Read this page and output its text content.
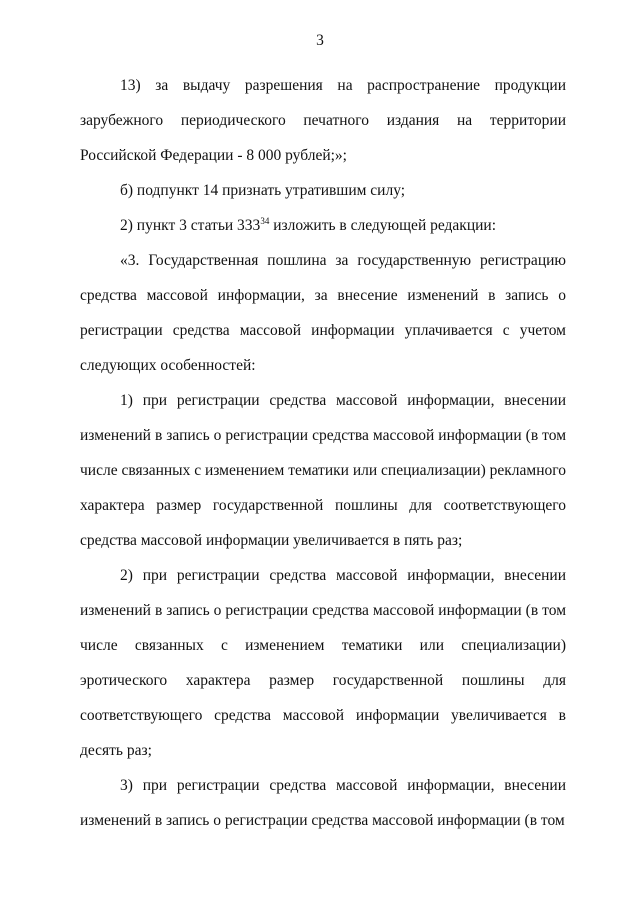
3

13) за выдачу разрешения на распространение продукции зарубежного периодического печатного издания на территории Российской Федерации - 8 000 рублей;»;

б) подпункт 14 признать утратившим силу;

2) пункт 3 статьи $333^{34}$ изложить в следующей редакции:

«3. Государственная пошлина за государственную регистрацию средства массовой информации, за внесение изменений в запись о регистрации средства массовой информации уплачивается с учетом следующих особенностей:

1) при регистрации средства массовой информации, внесении изменений в запись о регистрации средства массовой информации (в том числе связанных с изменением тематики или специализации) рекламного характера размер государственной пошлины для соответствующего средства массовой информации увеличивается в пять раз;

2) при регистрации средства массовой информации, внесении изменений в запись о регистрации средства массовой информации (в том числе связанных с изменением тематики или специализации) эротического характера размер государственной пошлины для соответствующего средства массовой информации увеличивается в десять раз;

3) при регистрации средства массовой информации, внесении изменений в запись о регистрации средства массовой информации (в том
